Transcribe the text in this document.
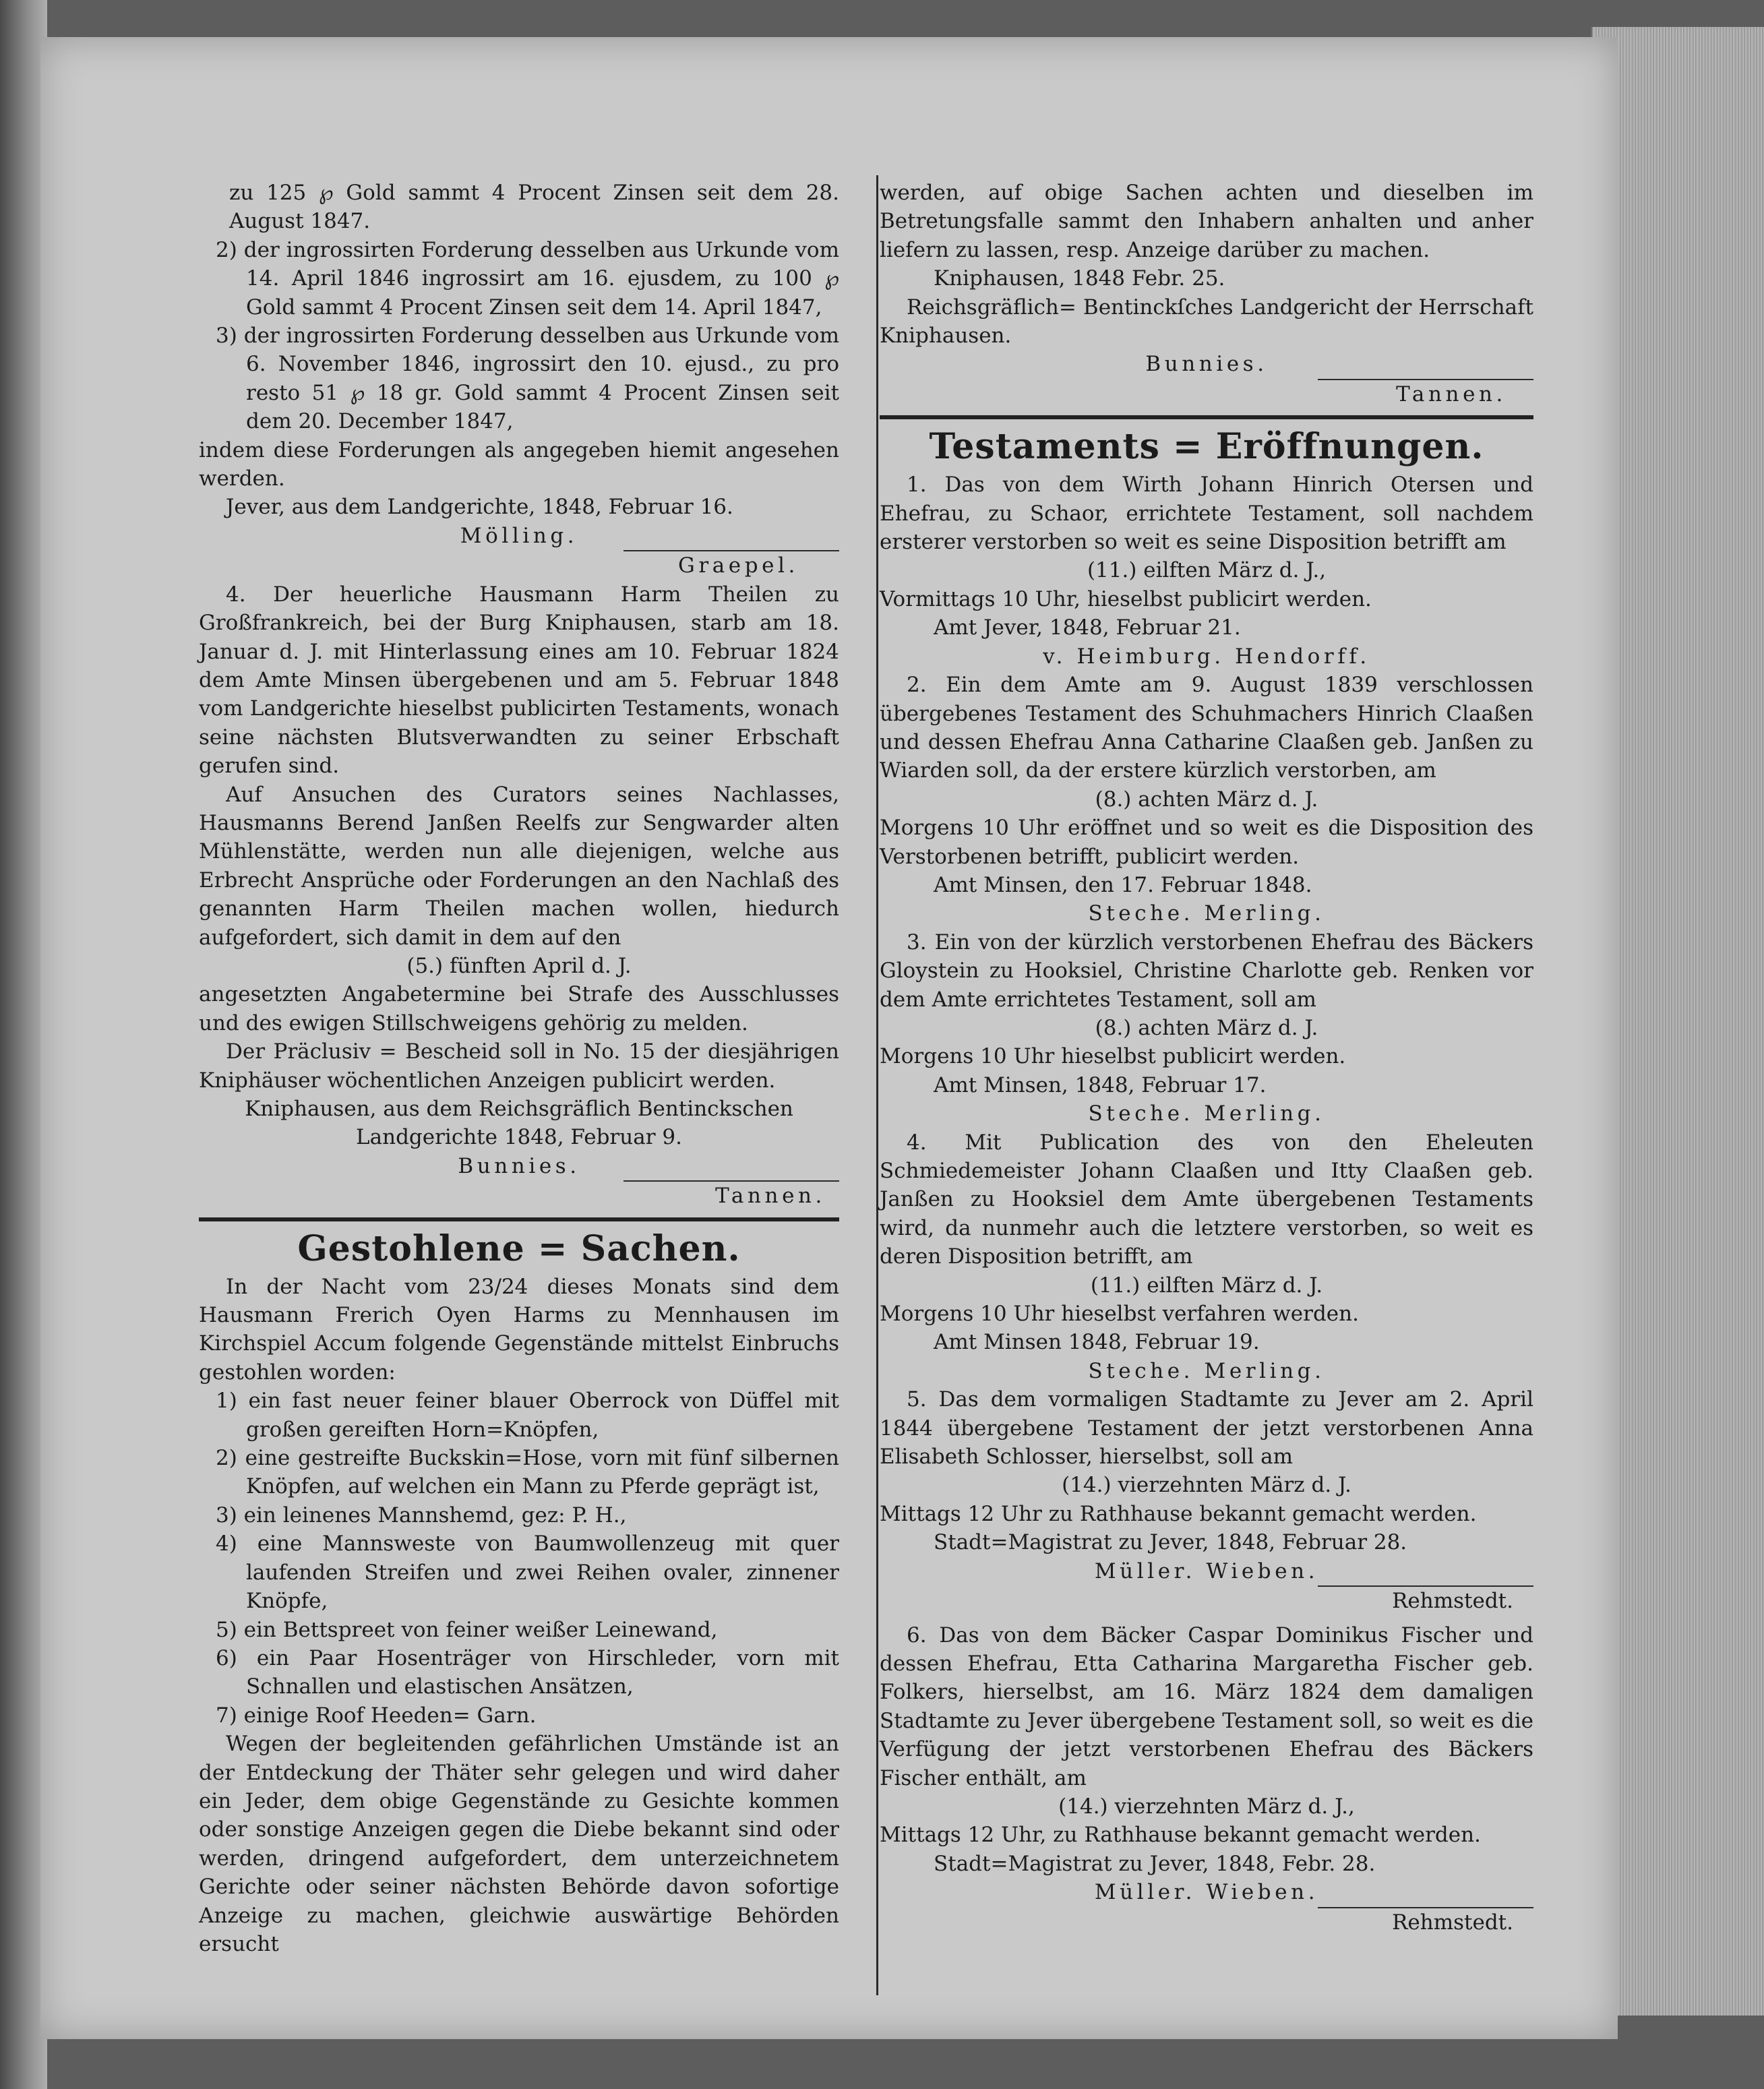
zu 125 ℘ Gold sammt 4 Procent Zinsen seit dem 28. August 1847.

2) der ingrossirten Forderung desselben aus Urkunde vom 14. April 1846 ingrossirt am 16. ejusdem, zu 100 ℘ Gold sammt 4 Procent Zinsen seit dem 14. April 1847,

3) der ingrossirten Forderung desselben aus Urkunde vom 6. November 1846, ingrossirt den 10. ejusd., zu pro resto 51 ℘ 18 gr. Gold sammt 4 Procent Zinsen seit dem 20. December 1847,

indem diese Forderungen als angegeben hiemit angesehen werden.

Jever, aus dem Landgerichte, 1848, Februar 16.

Mölling.

Graepel.

4. Der heuerliche Hausmann Harm Theilen zu Großfrankreich, bei der Burg Kniphausen, starb am 18. Januar d. J. mit Hinterlassung eines am 10. Februar 1824 dem Amte Minsen übergebenen und am 5. Februar 1848 vom Landgerichte hieselbst publicirten Testaments, wonach seine nächsten Blutsverwandten zu seiner Erbschaft gerufen sind.

Auf Ansuchen des Curators seines Nachlasses, Hausmanns Berend Janßen Reelfs zur Sengwarder alten Mühlenstätte, werden nun alle diejenigen, welche aus Erbrecht Ansprüche oder Forderungen an den Nachlaß des genannten Harm Theilen machen wollen, hiedurch aufgefordert, sich damit in dem auf den

(5.) fünften April d. J.

angesetzten Angabetermine bei Strafe des Ausschlusses und des ewigen Stillschweigens gehörig zu melden.

Der Präclusiv = Bescheid soll in No. 15 der diesjährigen Kniphäuser wöchentlichen Anzeigen publicirt werden.

Kniphausen, aus dem Reichsgräflich Bentinckschen Landgerichte 1848, Februar 9.

Bunnies.

Tannen.

Gestohlene = Sachen.

In der Nacht vom 23/24 dieses Monats sind dem Hausmann Frerich Oyen Harms zu Mennhausen im Kirchspiel Accum folgende Gegenstände mittelst Einbruchs gestohlen worden:

1) ein fast neuer feiner blauer Oberrock von Düffel mit großen gereiften Horn=Knöpfen,

2) eine gestreifte Buckskin=Hose, vorn mit fünf silbernen Knöpfen, auf welchen ein Mann zu Pferde geprägt ist,

3) ein leinenes Mannshemd, gez: P. H.,

4) eine Mannsweste von Baumwollenzeug mit quer laufenden Streifen und zwei Reihen ovaler, zinnener Knöpfe,

5) ein Bettspreet von feiner weißer Leinewand,

6) ein Paar Hosenträger von Hirschleder, vorn mit Schnallen und elastischen Ansätzen,

7) einige Roof Heeden= Garn.

Wegen der begleitenden gefährlichen Umstände ist an der Entdeckung der Thäter sehr gelegen und wird daher ein Jeder, dem obige Gegenstände zu Gesichte kommen oder sonstige Anzeigen gegen die Diebe bekannt sind oder werden, dringend aufgefordert, dem unterzeichnetem Gerichte oder seiner nächsten Behörde davon sofortige Anzeige zu machen, gleichwie auswärtige Behörden ersucht

werden, auf obige Sachen achten und dieselben im Betretungsfalle sammt den Inhabern anhalten und anher liefern zu lassen, resp. Anzeige darüber zu machen.

Kniphausen, 1848 Febr. 25.

Reichsgräflich= Bentinckſches Landgericht der Herrschaft Kniphausen.

Bunnies.

Tannen.

Testaments = Eröffnungen.

1. Das von dem Wirth Johann Hinrich Otersen und Ehefrau, zu Schaor, errichtete Testament, soll nachdem ersterer verstorben so weit es seine Disposition betrifft am

(11.) eilften März d. J.,

Vormittags 10 Uhr, hieselbst publicirt werden.

Amt Jever, 1848, Februar 21.

v. Heimburg. Hendorff.

2. Ein dem Amte am 9. August 1839 verschlossen übergebenes Testament des Schuhmachers Hinrich Claaßen und dessen Ehefrau Anna Catharine Claaßen geb. Janßen zu Wiarden soll, da der erstere kürzlich verstorben, am

(8.) achten März d. J.

Morgens 10 Uhr eröffnet und so weit es die Disposition des Verstorbenen betrifft, publicirt werden.

Amt Minsen, den 17. Februar 1848.

Steche. Merling.

3. Ein von der kürzlich verstorbenen Ehefrau des Bäckers Gloystein zu Hooksiel, Christine Charlotte geb. Renken vor dem Amte errichtetes Testament, soll am

(8.) achten März d. J.

Morgens 10 Uhr hieselbst publicirt werden.

Amt Minsen, 1848, Februar 17.

Steche. Merling.

4. Mit Publication des von den Eheleuten Schmiedemeister Johann Claaßen und Itty Claaßen geb. Janßen zu Hooksiel dem Amte übergebenen Testaments wird, da nunmehr auch die letztere verstorben, so weit es deren Disposition betrifft, am

(11.) eilften März d. J.

Morgens 10 Uhr hieselbst verfahren werden.

Amt Minsen 1848, Februar 19.

Steche. Merling.

5. Das dem vormaligen Stadtamte zu Jever am 2. April 1844 übergebene Testament der jetzt verstorbenen Anna Elisabeth Schlosser, hierselbst, soll am

(14.) vierzehnten März d. J.

Mittags 12 Uhr zu Rathhause bekannt gemacht werden.

Stadt=Magistrat zu Jever, 1848, Februar 28.

Müller. Wieben.

Rehmstedt.

6. Das von dem Bäcker Caspar Dominikus Fischer und dessen Ehefrau, Etta Catharina Margaretha Fischer geb. Folkers, hierselbst, am 16. März 1824 dem damaligen Stadtamte zu Jever übergebene Testament soll, so weit es die Verfügung der jetzt verstorbenen Ehefrau des Bäckers Fischer enthält, am

(14.) vierzehnten März d. J.,

Mittags 12 Uhr, zu Rathhause bekannt gemacht werden.

Stadt=Magistrat zu Jever, 1848, Febr. 28.

Müller. Wieben.

Rehmstedt.
